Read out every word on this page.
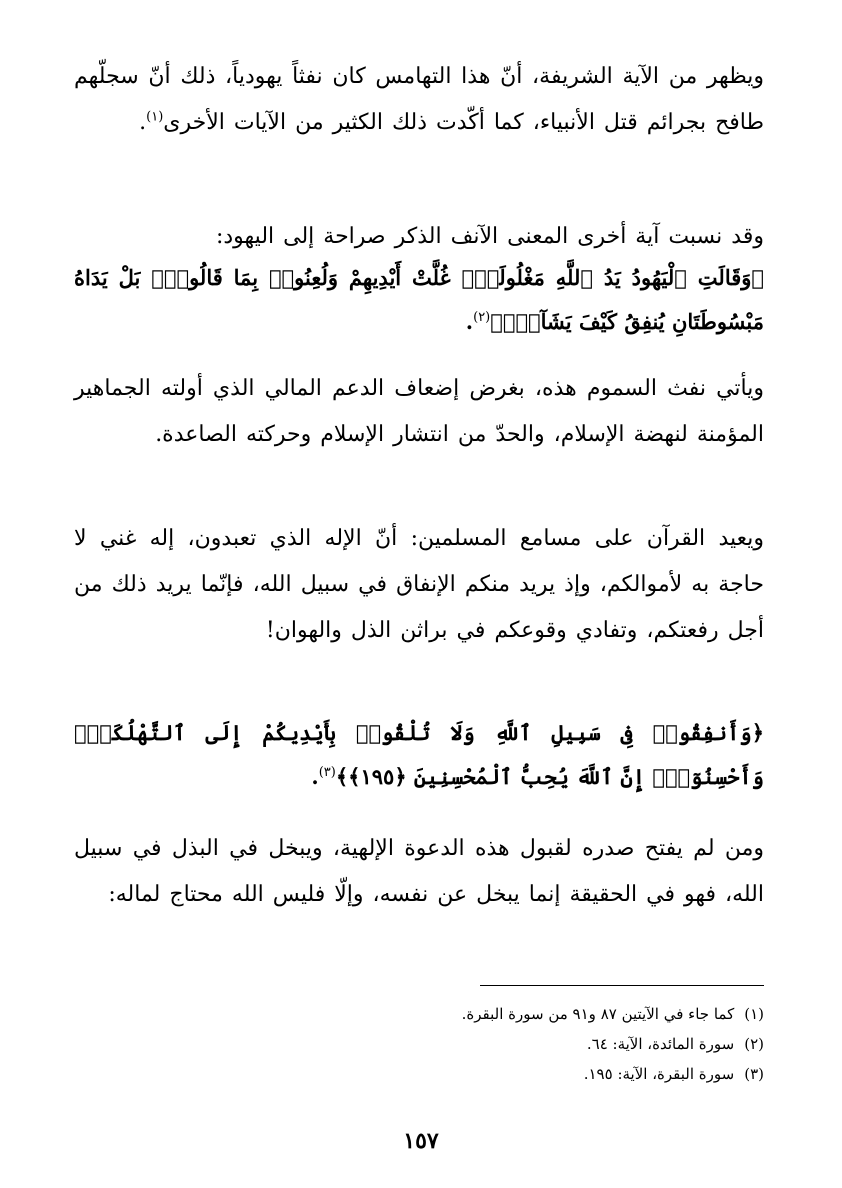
ويظهر من الآية الشريفة، أنّ هذا التهامس كان نفثاً يهودياً، ذلك أنّ سجلّهم طافح بجرائم قتل الأنبياء، كما أكّدت ذلك الكثير من الآيات الأخرى$^{(١)}$.

وقد نسبت آية أخرى المعنى الآنف الذكر صراحة إلى اليهود:

﴿وَقَالَتِ ٱلْيَهُودُ يَدُ ٱللَّهِ مَغْلُولَةٌۚ غُلَّتْ أَيْدِيهِمْ وَلُعِنُوا۟ بِمَا قَالُوا۟ۘ بَلْ يَدَاهُ مَبْسُوطَتَانِ يُنفِقُ كَيْفَ يَشَآءُۚ﴾$^{(٢)}$.

ويأتي نفث السموم هذه، بغرض إضعاف الدعم المالي الذي أولته الجماهير المؤمنة لنهضة الإسلام، والحدّ من انتشار الإسلام وحركته الصاعدة.

ويعيد القرآن على مسامع المسلمين: أنّ الإله الذي تعبدون، إله غني لا حاجة به لأموالكم، وإذ يريد منكم الإنفاق في سبيل الله، فإنّما يريد ذلك من أجل رفعتكم، وتفادي وقوعكم في براثن الذل والهوان!

﴿وَأَنفِقُوا۟ فِى سَبِيلِ ٱللَّهِ وَلَا تُلْقُوا۟ بِأَيْدِيكُمْ إِلَى ٱلتَّهْلُكَةِۛ وَأَحْسِنُوٓا۟ۛ إِنَّ ٱللَّهَ يُحِبُّ ٱلْمُحْسِنِينَ ﴿١٩٥﴾﴾$^{(٣)}$.

ومن لم يفتح صدره لقبول هذه الدعوة الإلهية، ويبخل في البذل في سبيل الله، فهو في الحقيقة إنما يبخل عن نفسه، وإلّا فليس الله محتاج لماله:

(١)كما جاء في الآيتين ٨٧ و٩١ من سورة البقرة.

(٢)سورة المائدة، الآية: ٦٤.

(٣)سورة البقرة، الآية: ١٩٥.

١٥٧
